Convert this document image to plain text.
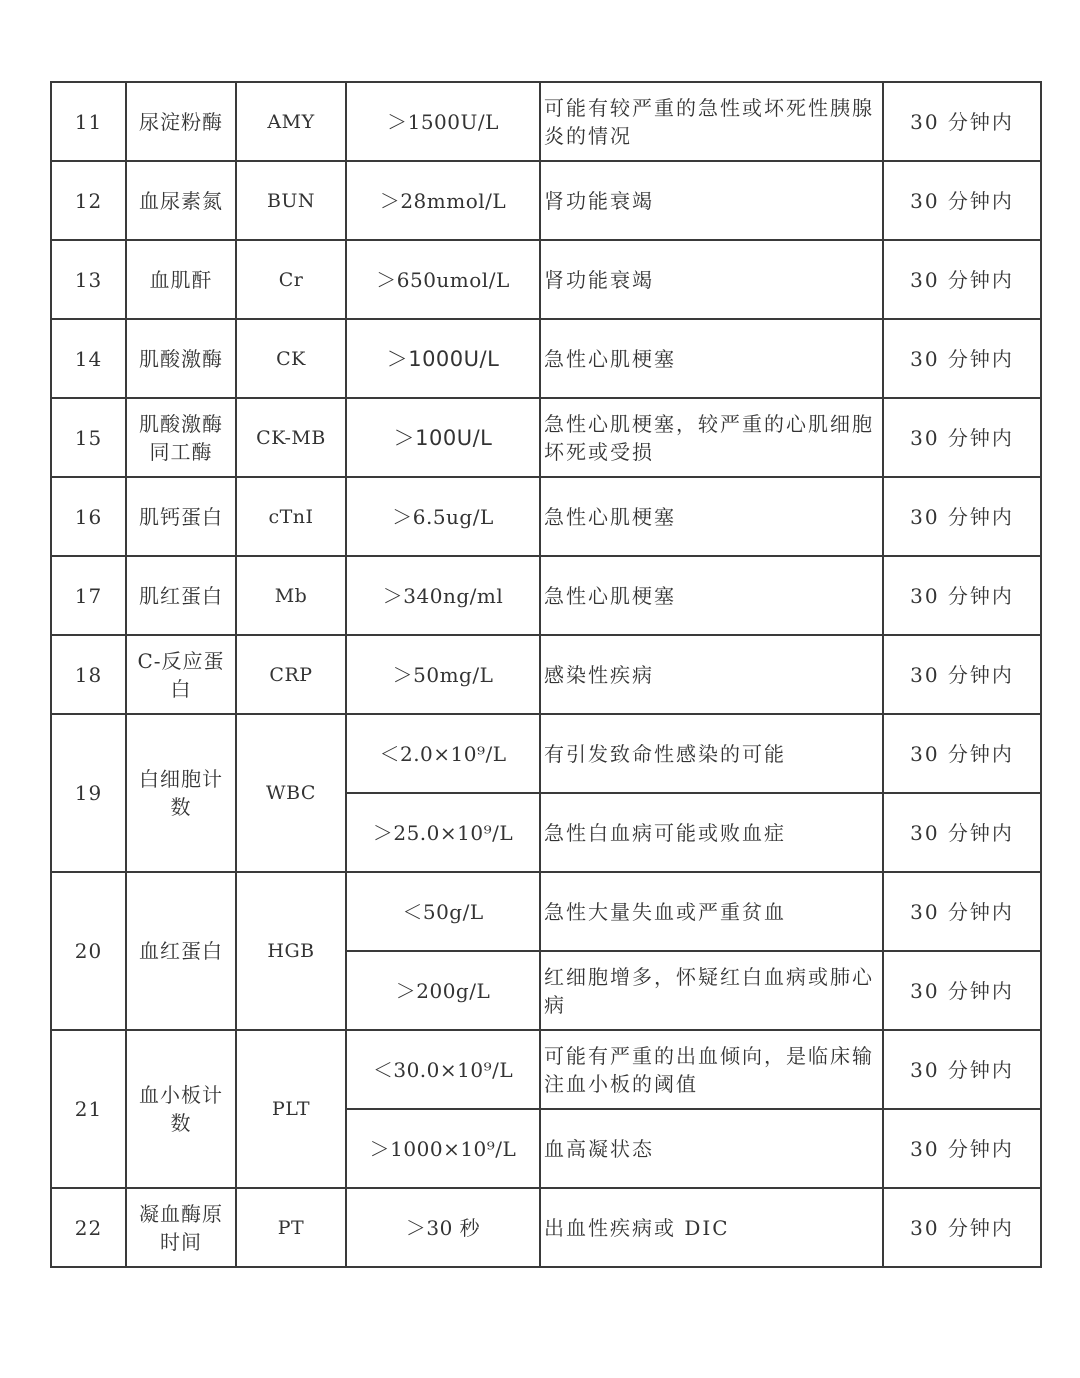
11	尿淀粉酶	AMY	＞1500U/L	可能有较严重的急性或坏死性胰腺炎的情况	30 分钟内
12	血尿素氮	BUN	＞28mmol/L	肾功能衰竭	30 分钟内
13	血肌酐	Cr	＞650umol/L	肾功能衰竭	30 分钟内
14	肌酸激酶	CK	＞1000U/L	急性心肌梗塞	30 分钟内
15	肌酸激酶同工酶	CK-MB	＞100U/L	急性心肌梗塞，较严重的心肌细胞坏死或受损	30 分钟内
16	肌钙蛋白	cTnI	＞6.5ug/L	急性心肌梗塞	30 分钟内
17	肌红蛋白	Mb	＞340ng/ml	急性心肌梗塞	30 分钟内
18	C-反应蛋白	CRP	＞50mg/L	感染性疾病	30 分钟内
19	白细胞计数	WBC	＜2.0×10⁹/L	有引发致命性感染的可能	30 分钟内
			＞25.0×10⁹/L	急性白血病可能或败血症	30 分钟内
20	血红蛋白	HGB	＜50g/L	急性大量失血或严重贫血	30 分钟内
			＞200g/L	红细胞增多，怀疑红白血病或肺心病	30 分钟内
21	血小板计数	PLT	＜30.0×10⁹/L	可能有严重的出血倾向，是临床输注血小板的阈值	30 分钟内
			＞1000×10⁹/L	血高凝状态	30 分钟内
22	凝血酶原时间	PT	＞30 秒	出血性疾病或 DIC	30 分钟内
